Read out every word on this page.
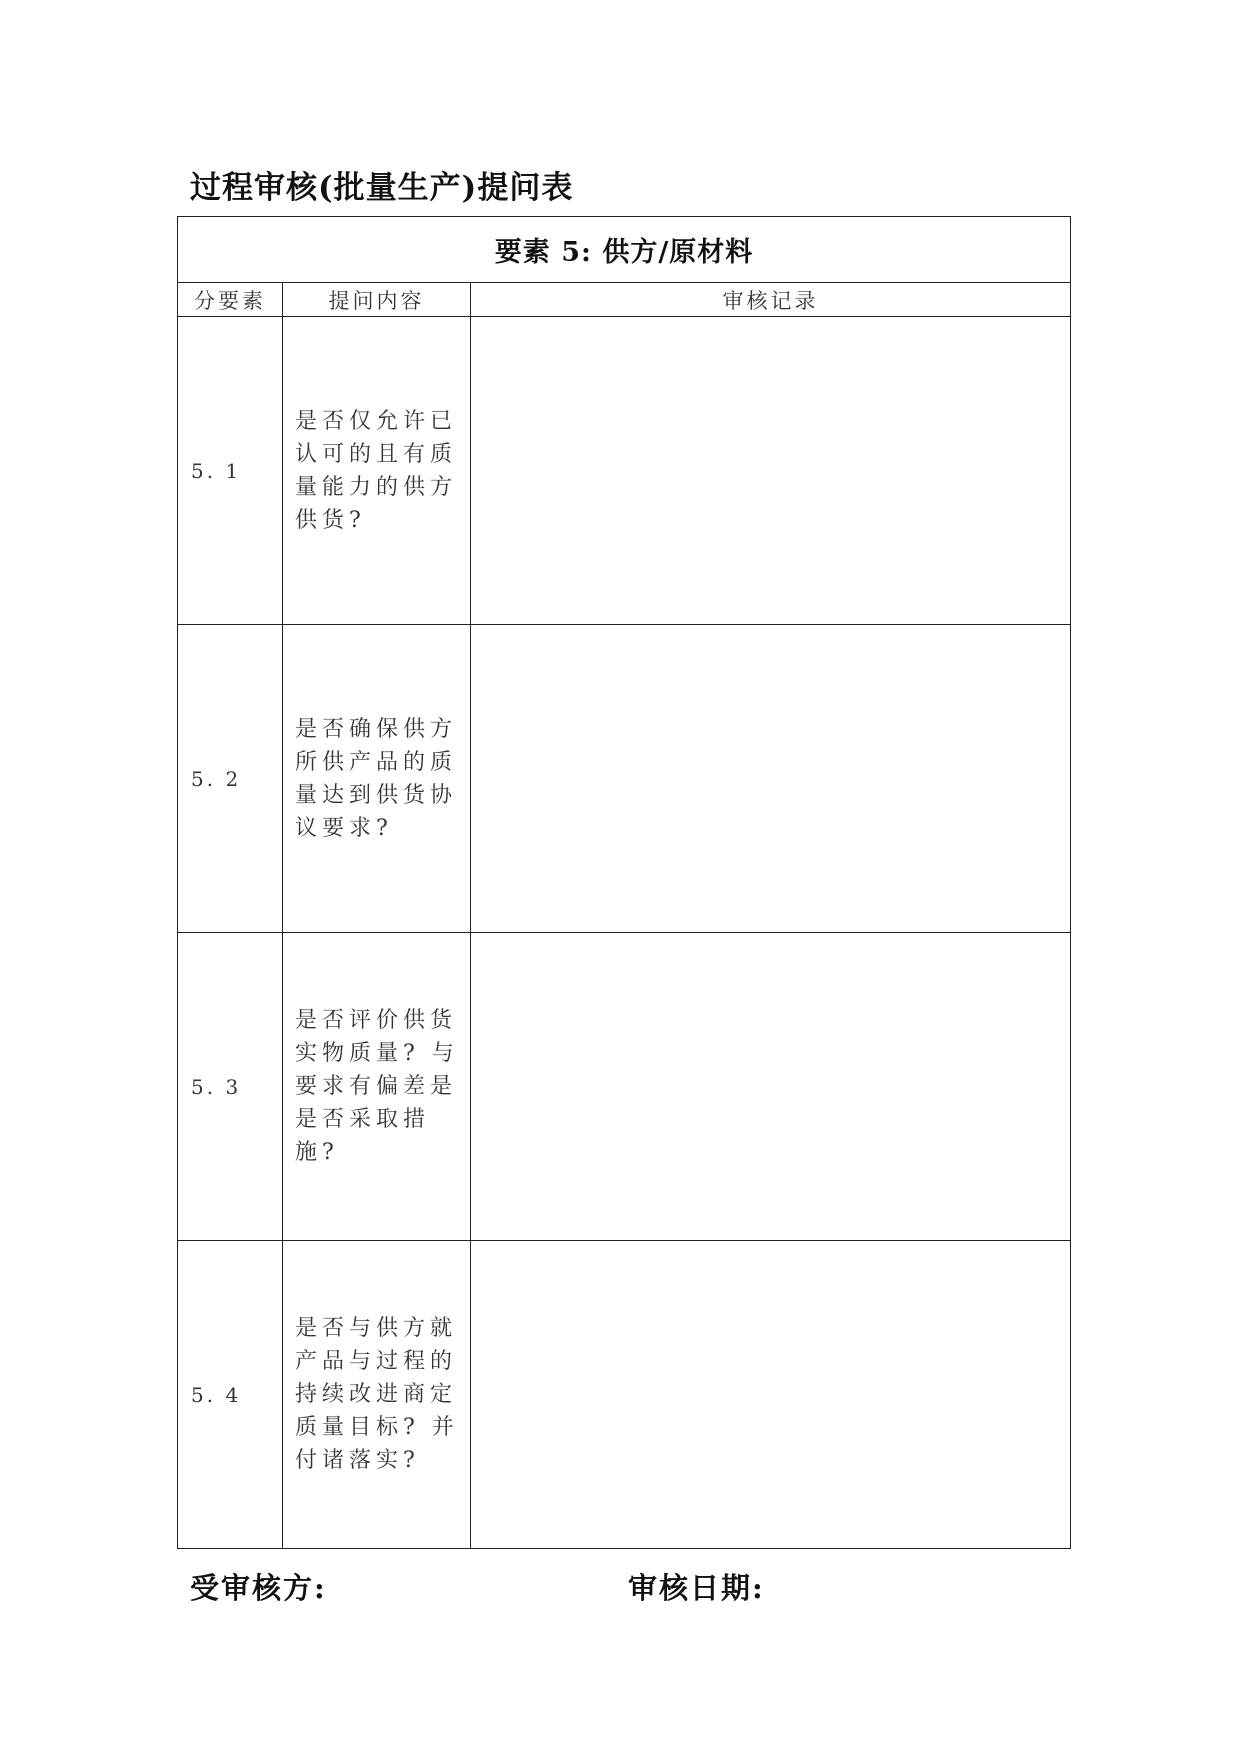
过程审核(批量生产)提问表
要素 5: 供方/原材料		
分要素	提问内容	审核记录
5. 1	是否仅允许已认可的且有质量能力的供方供货?	
5. 2	是否确保供方所供产品的质量达到供货协议要求?	
5. 3	是否评价供货实物质量? 与要求有偏差是是否采取措施?	
5. 4	是否与供方就产品与过程的持续改进商定质量目标? 并付诸落实?	
受审核方:	审核日期:
